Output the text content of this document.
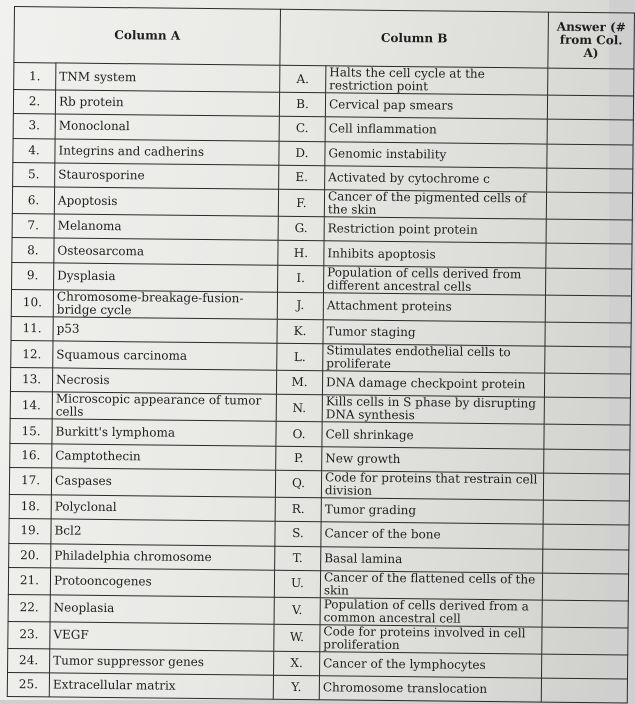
Column A		Column B		Answer (# from Col. A)
1.	TNM system	A.	Halts the cell cycle at the restriction point	
2.	Rb protein	B.	Cervical pap smears	
3.	Monoclonal	C.	Cell inflammation	
4.	Integrins and cadherins	D.	Genomic instability	
5.	Staurosporine	E.	Activated by cytochrome c	
6.	Apoptosis	F.	Cancer of the pigmented cells of the skin	
7.	Melanoma	G.	Restriction point protein	
8.	Osteosarcoma	H.	Inhibits apoptosis	
9.	Dysplasia	I.	Population of cells derived from different ancestral cells	
10.	Chromosome-breakage-fusion-bridge cycle	J.	Attachment proteins	
11.	p53	K.	Tumor staging	
12.	Squamous carcinoma	L.	Stimulates endothelial cells to proliferate	
13.	Necrosis	M.	DNA damage checkpoint protein	
14.	Microscopic appearance of tumor cells	N.	Kills cells in S phase by disrupting DNA synthesis	
15.	Burkitt's lymphoma	O.	Cell shrinkage	
16.	Camptothecin	P.	New growth	
17.	Caspases	Q.	Code for proteins that restrain cell division	
18.	Polyclonal	R.	Tumor grading	
19.	Bcl2	S.	Cancer of the bone	
20.	Philadelphia chromosome	T.	Basal lamina	
21.	Protooncogenes	U.	Cancer of the flattened cells of the skin	
22.	Neoplasia	V.	Population of cells derived from a common ancestral cell	
23.	VEGF	W.	Code for proteins involved in cell proliferation	
24.	Tumor suppressor genes	X.	Cancer of the lymphocytes	
25.	Extracellular matrix	Y.	Chromosome translocation	
